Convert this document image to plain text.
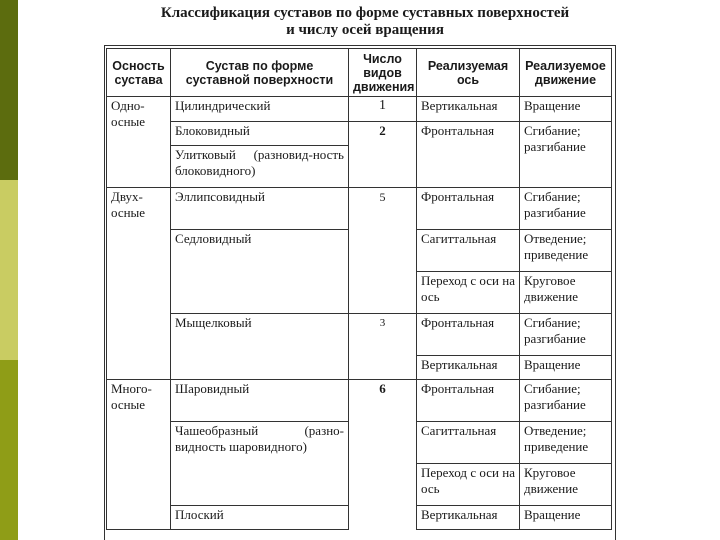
Классификация суставов по форме суставных поверхностей
и числу осей вращения
Осность сустава	Сустав по форме суставной поверхности	Число видов движения	Реализуемая ось	Реализуемое движение
Одно-осные	Цилиндрический	1	Вертикальная	Вращение
	Блоковидный	2	Фронтальная	Сгибание; разгибание
	Улитковый (разновид-ность блоковидного)			
Двух-осные	Эллипсовидный	5	Фронтальная	Сгибание; разгибание
	Седловидный		Сагиттальная	Отведение; приведение
			Переход с оси на ось	Круговое движение
	Мыщелковый	3	Фронтальная	Сгибание; разгибание
			Вертикальная	Вращение
Много-осные	Шаровидный	6	Фронтальная	Сгибание; разгибание
	Чашеобразный (разно-видность шаровидного)		Сагиттальная	Отведение; приведение
			Переход с оси на ось	Круговое движение
	Плоский		Вертикальная	Вращение
